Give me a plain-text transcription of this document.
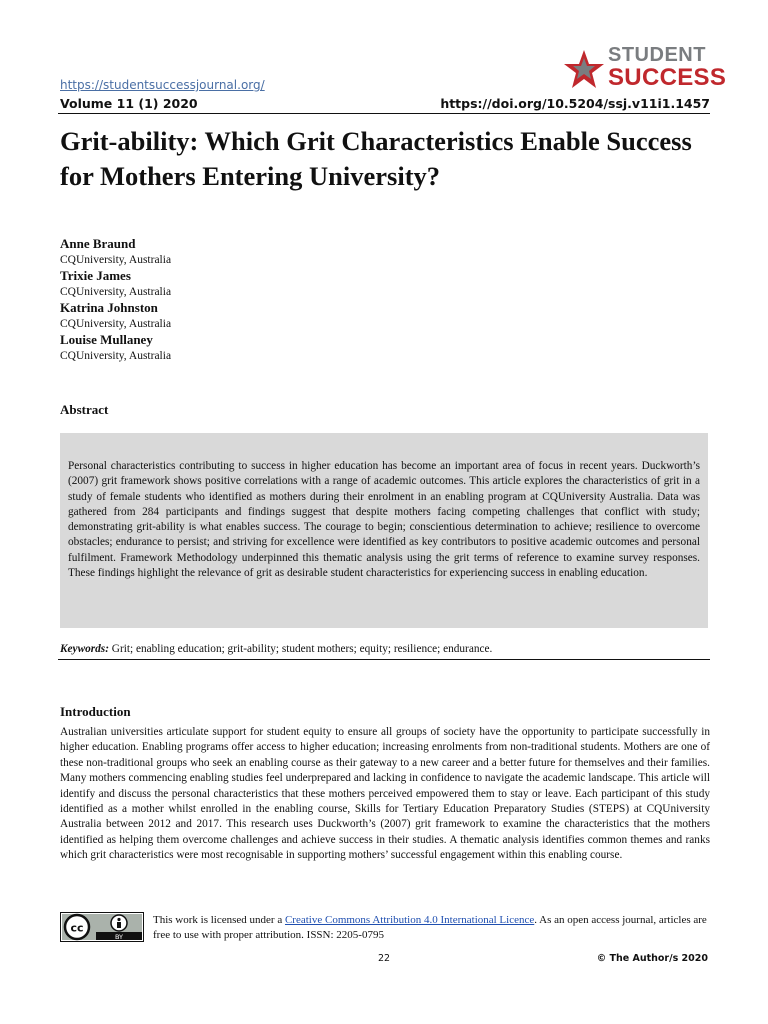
https://studentsuccessjournal.org/
STUDENT
SUCCESS
Volume 11 (1) 2020	https://doi.org/10.5204/ssj.v11i1.1457
Grit-ability: Which Grit Characteristics Enable Success for Mothers Entering University?
Anne Braund
CQUniversity, Australia
Trixie James
CQUniversity, Australia
Katrina Johnston
CQUniversity, Australia
Louise Mullaney
CQUniversity, Australia
Abstract
Personal characteristics contributing to success in higher education has become an important area of focus in recent years. Duckworth’s (2007) grit framework shows positive correlations with a range of academic outcomes. This article explores the characteristics of grit in a study of female students who identified as mothers during their enrolment in an enabling program at CQUniversity Australia. Data was gathered from 284 participants and findings suggest that despite mothers facing competing challenges that conflict with study; demonstrating grit-ability is what enables success. The courage to begin; conscientious determination to achieve; resilience to overcome obstacles; endurance to persist; and striving for excellence were identified as key contributors to positive academic outcomes and personal fulfilment. Framework Methodology underpinned this thematic analysis using the grit terms of reference to examine survey responses. These findings highlight the relevance of grit as desirable student characteristics for experiencing success in enabling education.
Keywords: Grit; enabling education; grit-ability; student mothers; equity; resilience; endurance.
Introduction
Australian universities articulate support for student equity to ensure all groups of society have the opportunity to participate successfully in higher education. Enabling programs offer access to higher education; increasing enrolments from non-traditional students. Mothers are one of these non-traditional groups who seek an enabling course as their gateway to a new career and a better future for themselves and their families. Many mothers commencing enabling studies feel underprepared and lacking in confidence to navigate the academic landscape. This article will identify and discuss the personal characteristics that these mothers perceived empowered them to stay or leave. Each participant of this study identified as a mother whilst enrolled in the enabling course, Skills for Tertiary Education Preparatory Studies (STEPS) at CQUniversity Australia between 2012 and 2017. This research uses Duckworth’s (2007) grit framework to examine the characteristics that the mothers identified as helping them overcome challenges and achieve success in their studies. A thematic analysis identifies common themes and ranks which grit characteristics were most recognisable in supporting mothers’ successful engagement within this enabling course.
cc
BY
This work is licensed under a Creative Commons Attribution 4.0 International Licence. As an open access journal, articles are free to use with proper attribution. ISSN: 2205-0795
22	© The Author/s 2020
